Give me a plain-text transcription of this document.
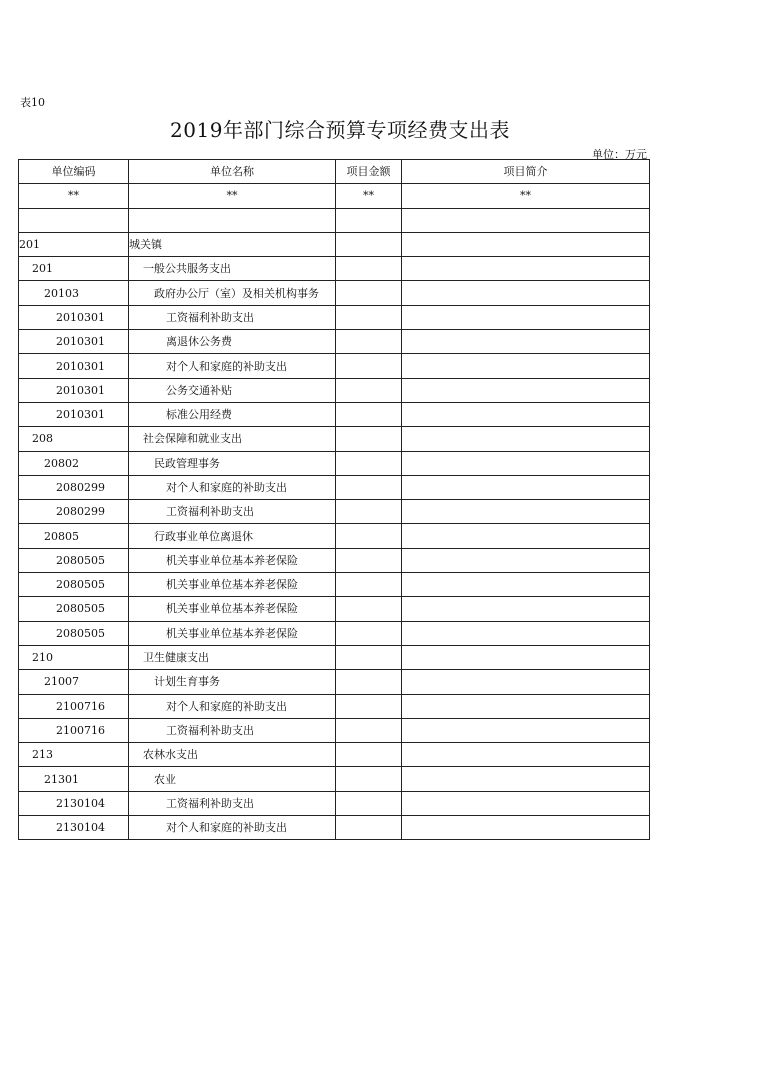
表10
2019年部门综合预算专项经费支出表
单位：万元
单位编码	单位名称	项目金额	项目简介
**	**	**	**

201	城关镇		
201	一般公共服务支出		
20103	政府办公厅（室）及相关机构事务		
2010301	工资福利补助支出		
2010301	离退休公务费		
2010301	对个人和家庭的补助支出		
2010301	公务交通补贴		
2010301	标准公用经费		
208	社会保障和就业支出		
20802	民政管理事务		
2080299	对个人和家庭的补助支出		
2080299	工资福利补助支出		
20805	行政事业单位离退休		
2080505	机关事业单位基本养老保险		
2080505	机关事业单位基本养老保险		
2080505	机关事业单位基本养老保险		
2080505	机关事业单位基本养老保险		
210	卫生健康支出		
21007	计划生育事务		
2100716	对个人和家庭的补助支出		
2100716	工资福利补助支出		
213	农林水支出		
21301	农业		
2130104	工资福利补助支出		
2130104	对个人和家庭的补助支出		
